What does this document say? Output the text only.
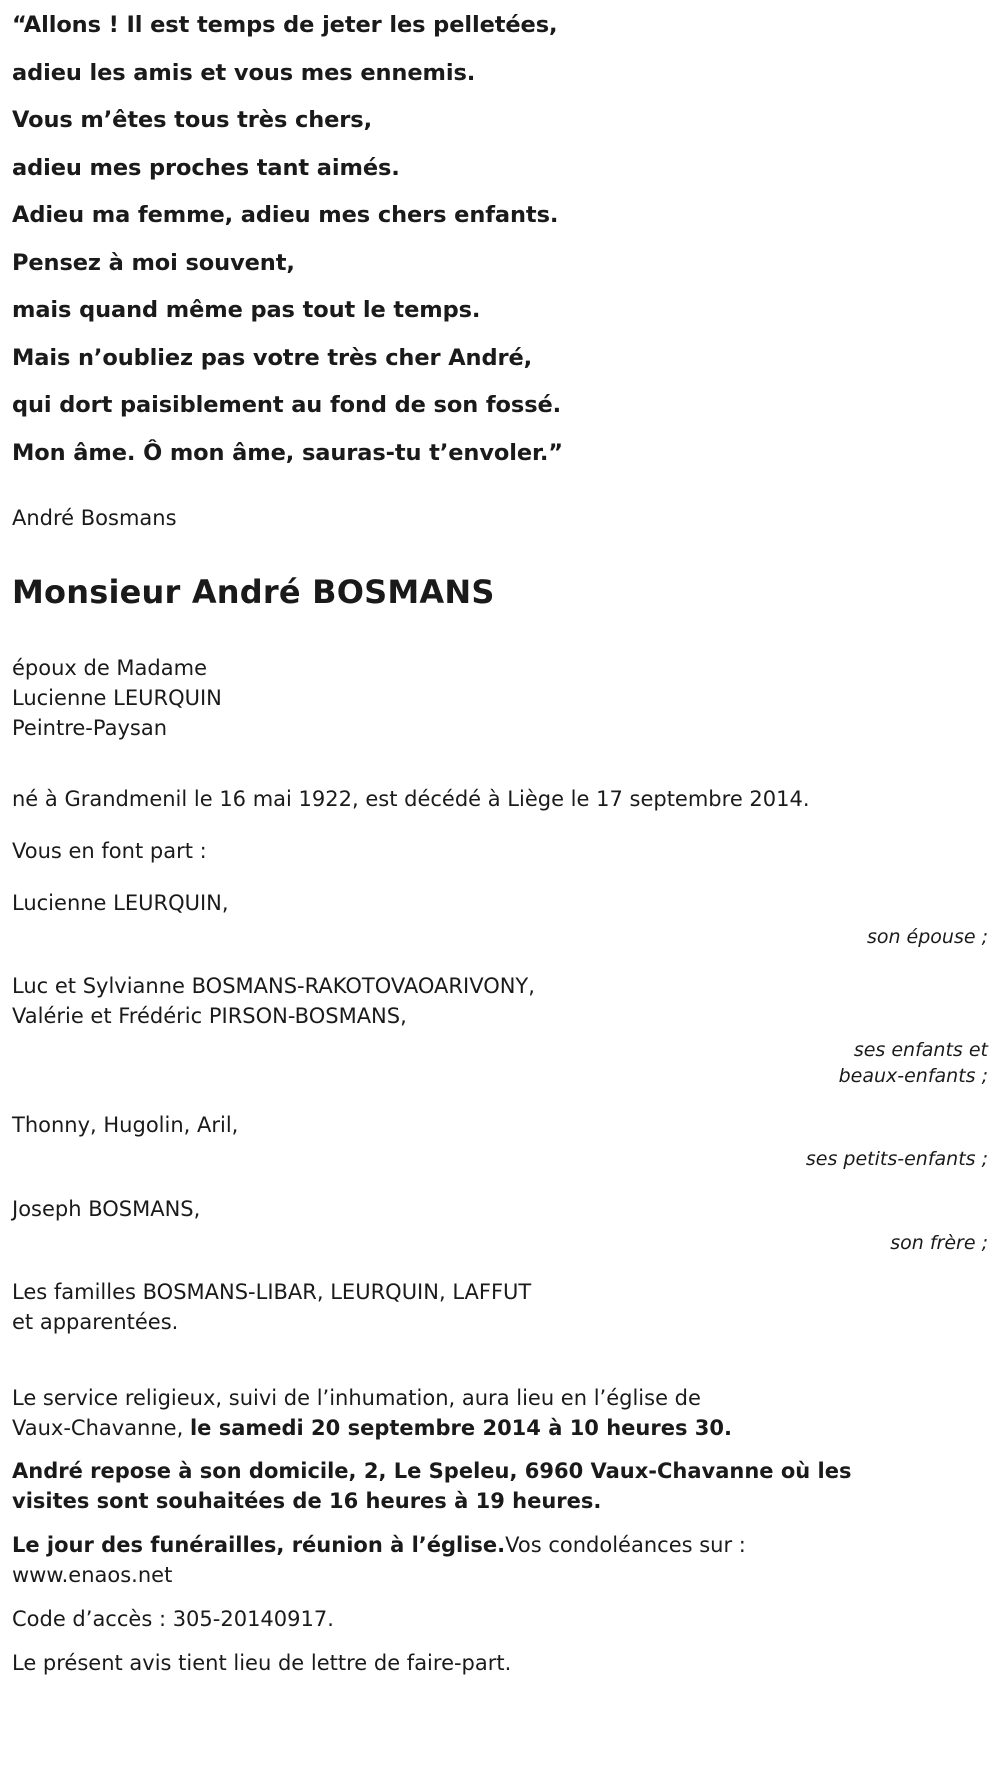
“Allons ! Il est temps de jeter les pelletées,

adieu les amis et vous mes ennemis.

Vous m’êtes tous très chers,

adieu mes proches tant aimés.

Adieu ma femme, adieu mes chers enfants.

Pensez à moi souvent,

mais quand même pas tout le temps.

Mais n’oubliez pas votre très cher André,

qui dort paisiblement au fond de son fossé.

Mon âme. Ô mon âme, sauras-tu t’envoler.”

André Bosmans

Monsieur André BOSMANS
époux de Madame
Lucienne LEURQUIN
Peintre-Paysan

né à Grandmenil le 16 mai 1922, est décédé à Liège le 17 septembre 2014.

Vous en font part :

Lucienne LEURQUIN,
son épouse ;
Luc et Sylvianne BOSMANS-RAKOTOVAOARIVONY,
Valérie et Frédéric PIRSON-BOSMANS,
ses enfants et
beaux-enfants ;
Thonny, Hugolin, Aril,
ses petits-enfants ;
Joseph BOSMANS,
son frère ;
Les familles BOSMANS-LIBAR, LEURQUIN, LAFFUT
et apparentées.

Le service religieux, suivi de l’inhumation, aura lieu en l’église de
Vaux-Chavanne, le samedi 20 septembre 2014 à 10 heures 30.

André repose à son domicile, 2, Le Speleu, 6960 Vaux-Chavanne où les
visites sont souhaitées de 16 heures à 19 heures.

Le jour des funérailles, réunion à l’église.Vos condoléances sur :
www.enaos.net

Code d’accès : 305-20140917.

Le présent avis tient lieu de lettre de faire-part.
